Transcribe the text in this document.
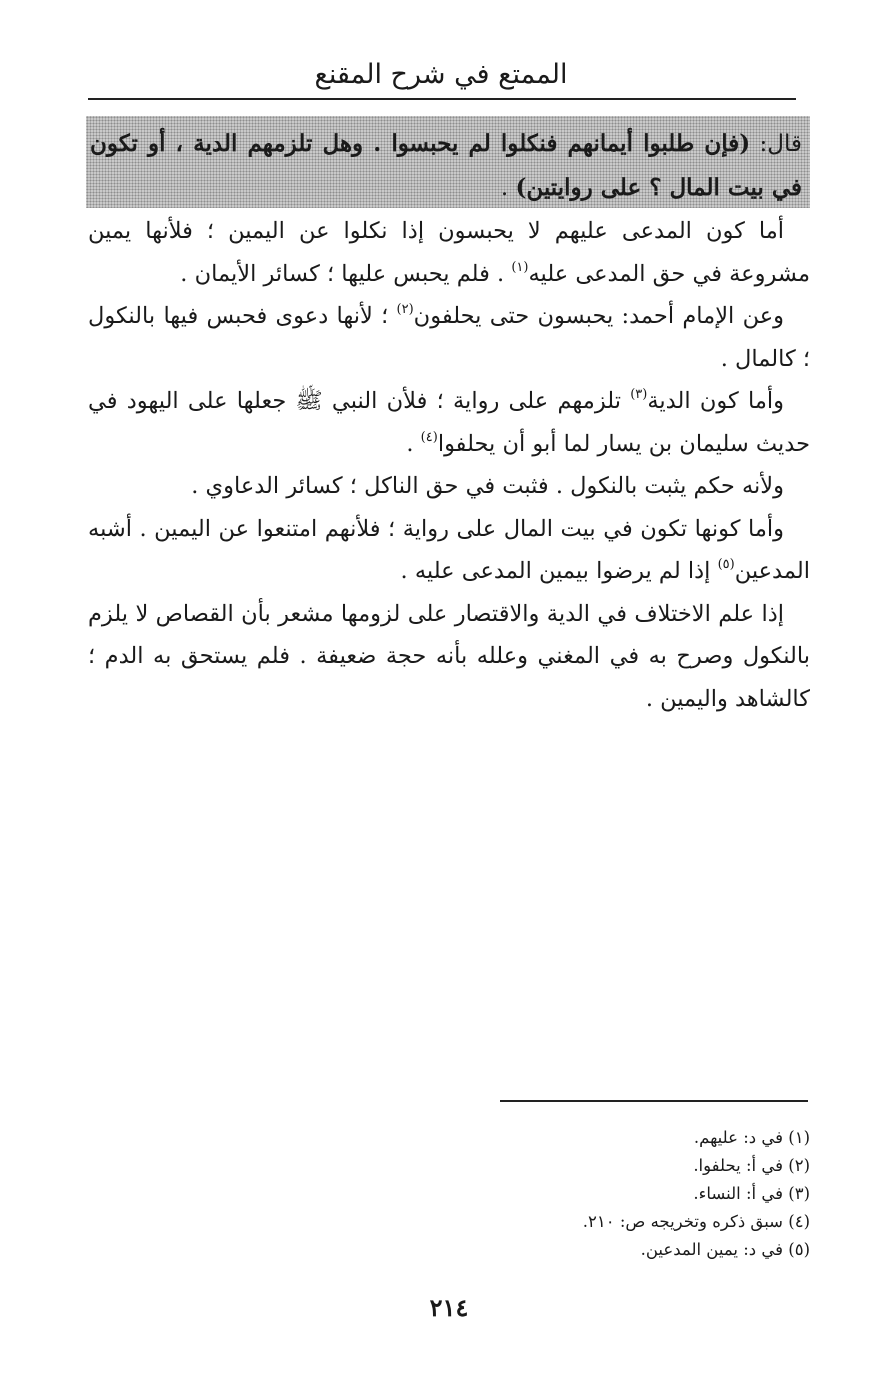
الممتع في شرح المقنع
قال: (فإن طلبوا أيمانهم فنكلوا لم يحبسوا . وهل تلزمهم الدية ، أو تكون في بيت المال ؟ على روايتين) .

أما كون المدعى عليهم لا يحبسون إذا نكلوا عن اليمين ؛ فلأنها يمين مشروعة في حق المدعى عليه$^{(١)}$ . فلم يحبس عليها ؛ كسائر الأيمان .

وعن الإمام أحمد: يحبسون حتى يحلفون$^{(٢)}$ ؛ لأنها دعوى فحبس فيها بالنكول ؛ كالمال .

وأما كون الدية$^{(٣)}$ تلزمهم على رواية ؛ فلأن النبي ﷺ جعلها على اليهود في حديث سليمان بن يسار لما أبو أن يحلفوا$^{(٤)}$ .

ولأنه حكم يثبت بالنكول . فثبت في حق الناكل ؛ كسائر الدعاوي .

وأما كونها تكون في بيت المال على رواية ؛ فلأنهم امتنعوا عن اليمين . أشبه المدعين$^{(٥)}$ إذا لم يرضوا بيمين المدعى عليه .

إذا علم الاختلاف في الدية والاقتصار على لزومها مشعر بأن القصاص لا يلزم بالنكول وصرح به في المغني وعلله بأنه حجة ضعيفة . فلم يستحق به الدم ؛ كالشاهد واليمين .

(١) في د: عليهم.
(٢) في أ: يحلفوا.
(٣) في أ: النساء.
(٤) سبق ذكره وتخريجه ص: ٢١٠.
(٥) في د: يمين المدعين.
٢١٤
